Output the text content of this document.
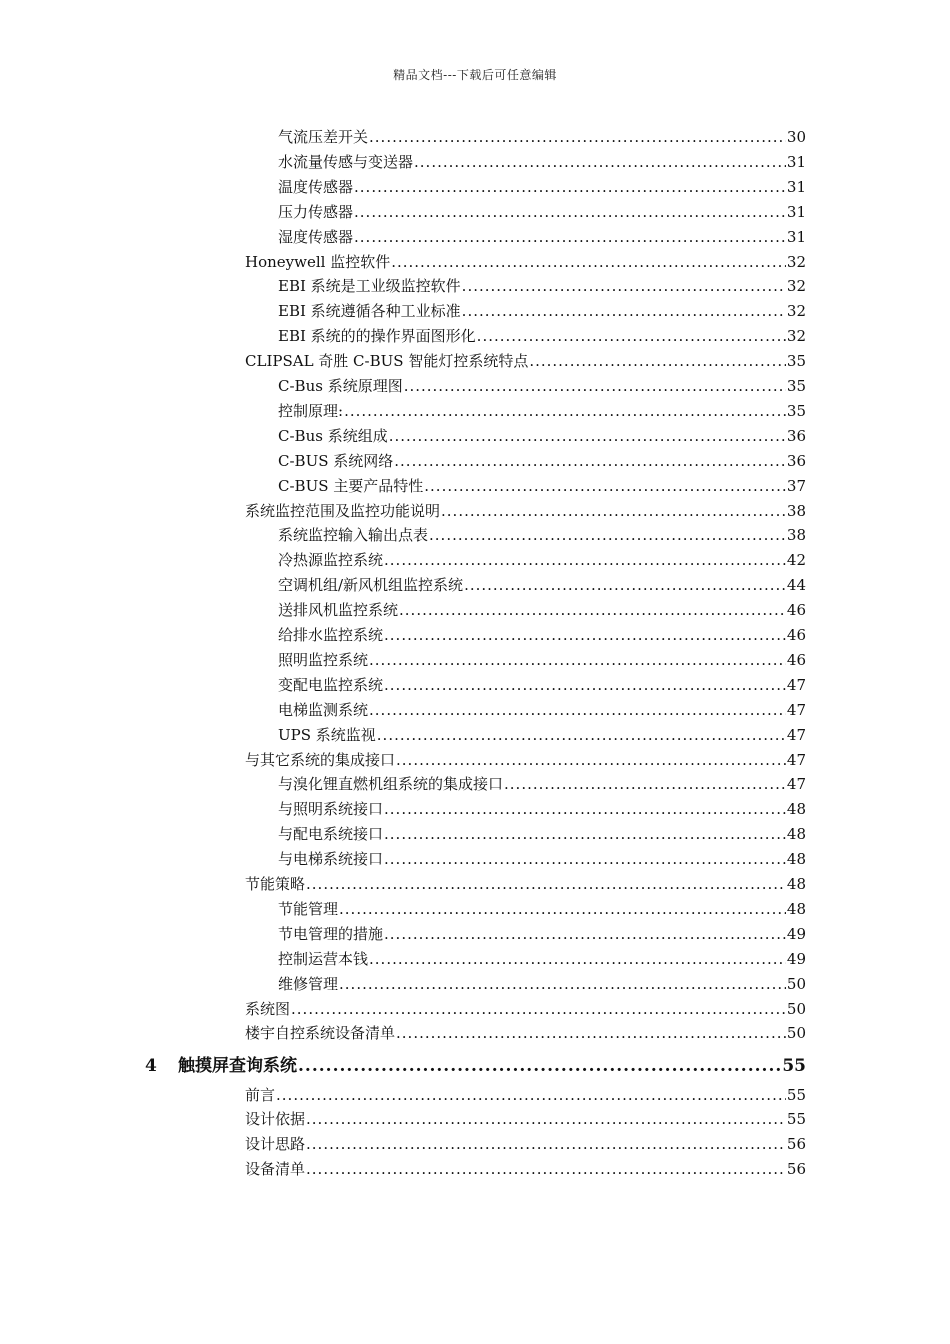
精品文档---下载后可任意编辑
气流压差开关 .....	30
水流量传感与变送器 .....	31
温度传感器 .....	31
压力传感器 .....	31
湿度传感器 .....	31
Honeywell 监控软件 .....	32
EBI 系统是工业级监控软件 .....	32
EBI 系统遵循各种工业标准 .....	32
EBI 系统的的操作界面图形化 .....	32
CLIPSAL 奇胜 C-BUS 智能灯控系统特点 .....	35
C-Bus 系统原理图 .....	35
控制原理: .....	35
C-Bus 系统组成 .....	36
C-BUS 系统网络 .....	36
C-BUS 主要产品特性 .....	37
系统监控范围及监控功能说明 .....	38
系统监控输入输出点表 .....	38
冷热源监控系统 .....	42
空调机组/新风机组监控系统 .....	44
送排风机监控系统 .....	46
给排水监控系统 .....	46
照明监控系统 .....	46
变配电监控系统 .....	47
电梯监测系统 .....	47
UPS 系统监视 .....	47
与其它系统的集成接口 .....	47
与溴化锂直燃机组系统的集成接口 .....	47
与照明系统接口 .....	48
与配电系统接口 .....	48
与电梯系统接口 .....	48
节能策略 .....	48
节能管理 .....	48
节电管理的措施 .....	49
控制运营本钱 .....	49
维修管理 .....	50
系统图 .....	50
楼宇自控系统设备清单 .....	50
4	触摸屏查询系统 .....	55
前言 .....	55
设计依据 .....	55
设计思路 .....	56
设备清单 .....	56
